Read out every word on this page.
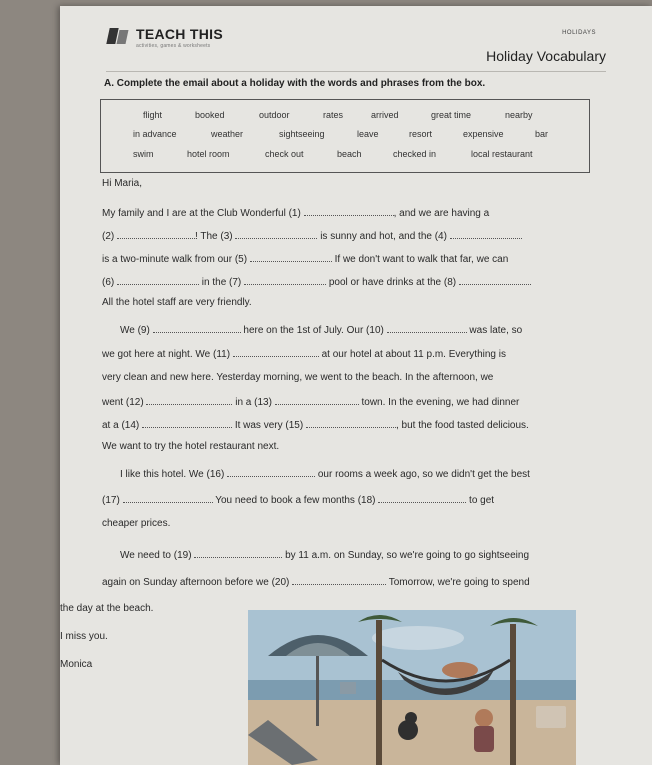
TEACH THIS
activities, games & worksheets
HOLIDAYS
Holiday Vocabulary
A. Complete the email about a holiday with the words and phrases from the box.
flight	booked	outdoor	rates	arrived	great time	nearby
in advance	weather	sightseeing	leave	resort	expensive	bar
swim	hotel room	check out	beach	checked in	local restaurant
Hi Maria,
My family and I are at the Club Wonderful (1)	, and we are having a
(2)	! The (3)	is sunny and hot, and the (4)
is a two-minute walk from our (5)	If we don't want to walk that far, we can
(6)	in the (7)	pool or have drinks at the (8)
All the hotel staff are very friendly.
We (9)	here on the 1st of July. Our (10)	was late, so
we got here at night. We (11)	at our hotel at about 11 p.m. Everything is
very clean and new here. Yesterday morning, we went to the beach. In the afternoon, we
went (12)	in a (13)	town. In the evening, we had dinner
at a (14)	It was very (15)	, but the food tasted delicious.
We want to try the hotel restaurant next.
I like this hotel. We (16)	our rooms a week ago, so we didn't get the best
(17)	You need to book a few months (18)	to get
cheaper prices.
We need to (19)	by 11 a.m. on Sunday, so we're going to go sightseeing
again on Sunday afternoon before we (20)	Tomorrow, we're going to spend
the day at the beach.
I miss you.
Monica
